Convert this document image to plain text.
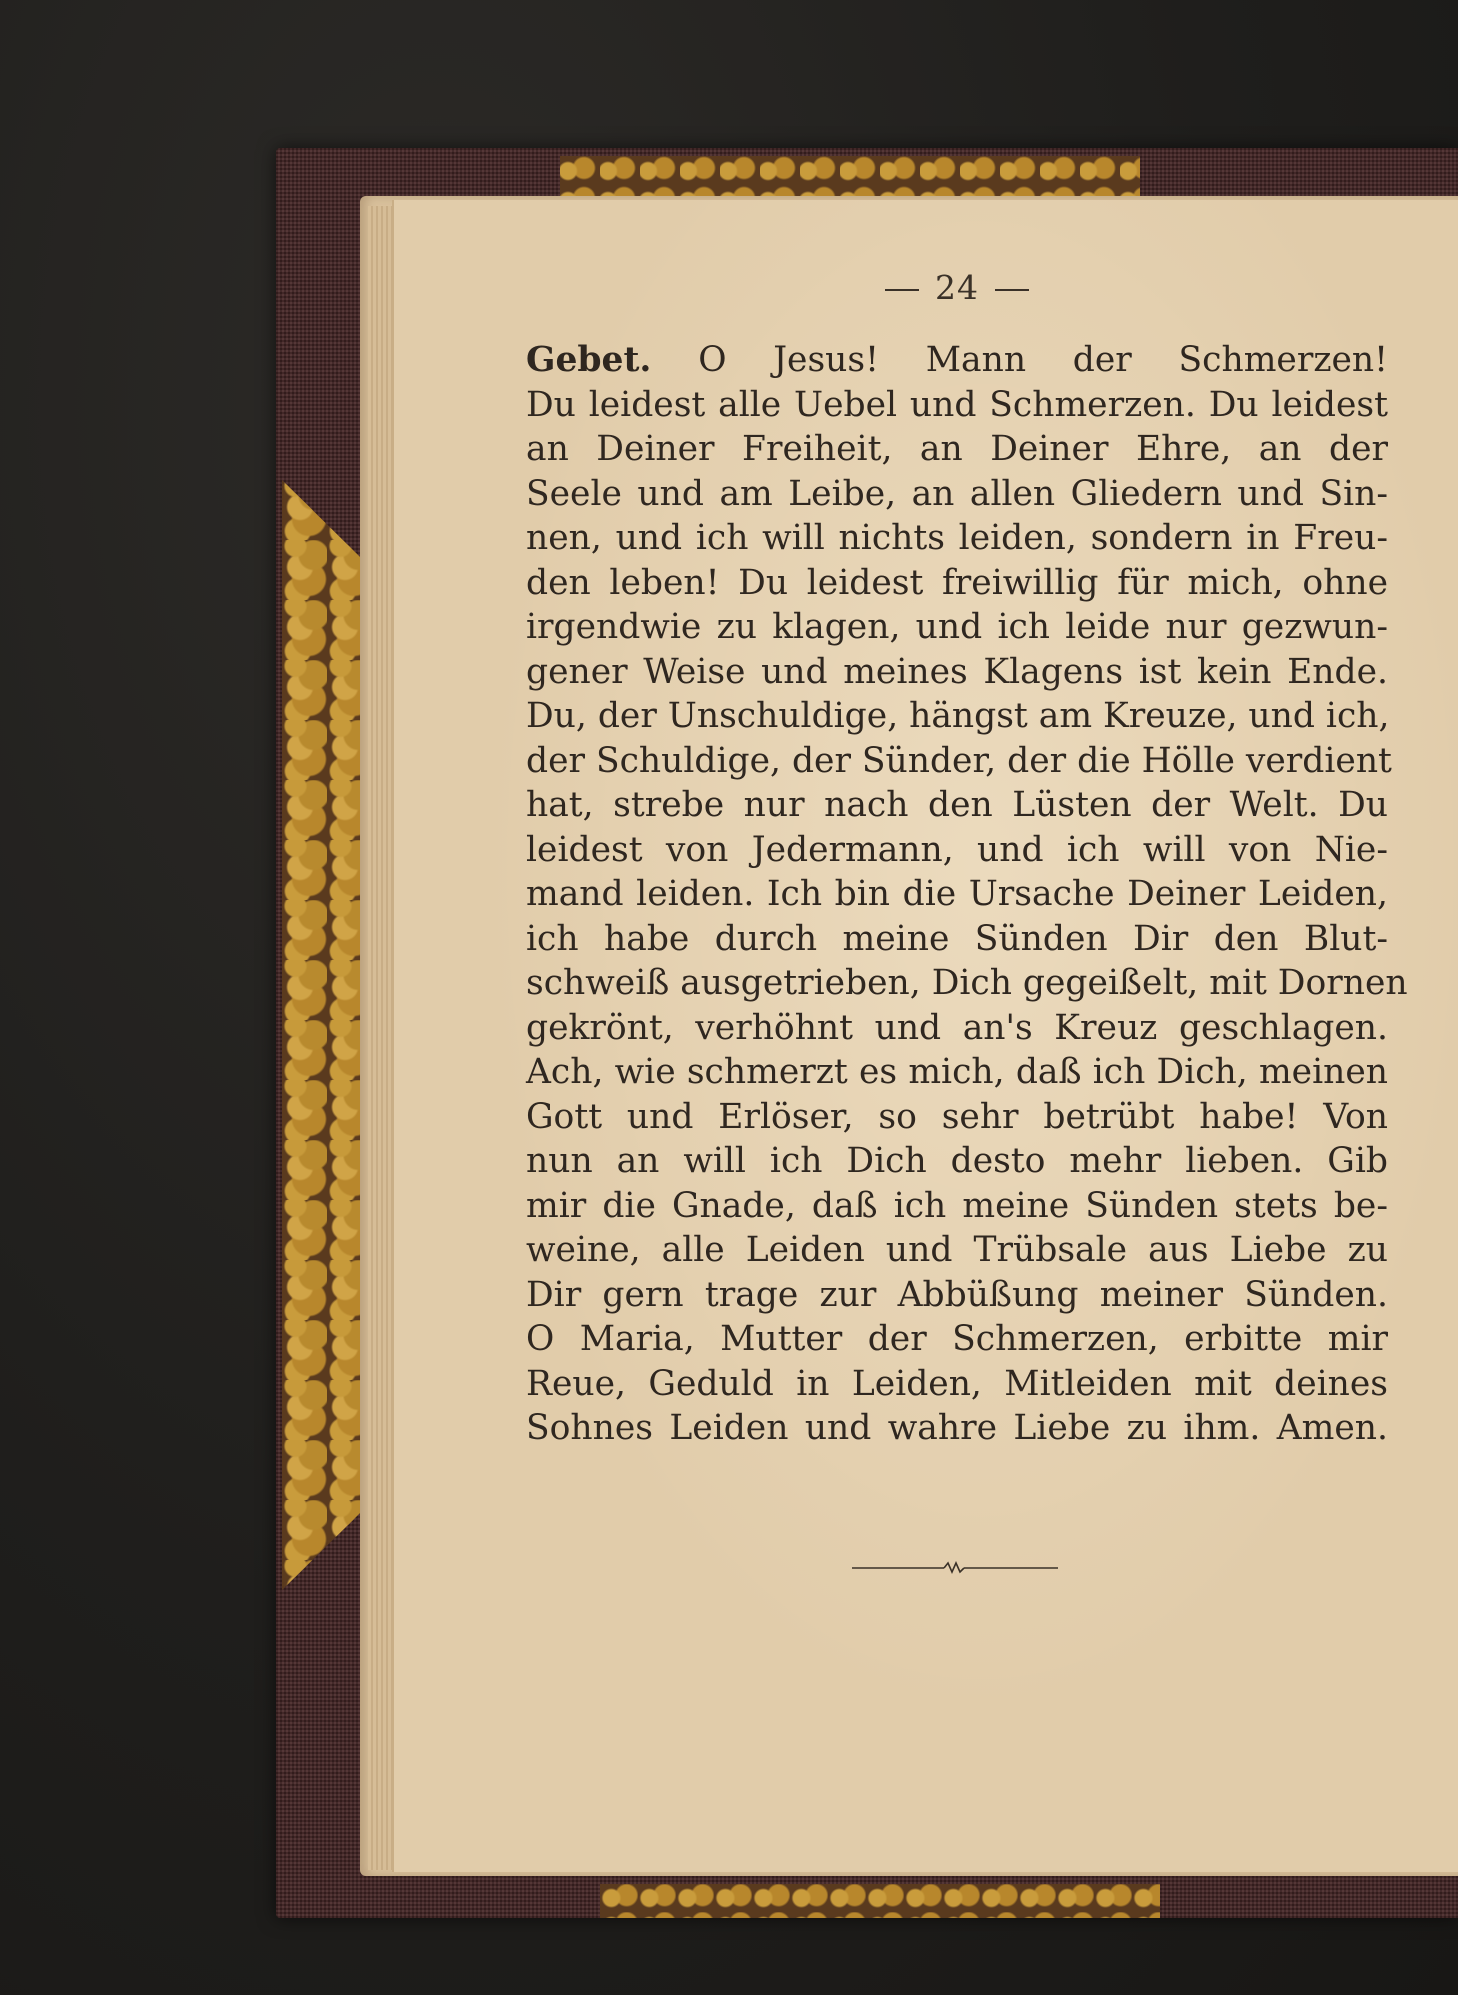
24
Gebet. O Jesus! Mann der Schmerzen!
Du leidest alle Uebel und Schmerzen. Du leidest
an Deiner Freiheit, an Deiner Ehre, an der
Seele und am Leibe, an allen Gliedern und Sin-
nen, und ich will nichts leiden, sondern in Freu-
den leben! Du leidest freiwillig für mich, ohne
irgendwie zu klagen, und ich leide nur gezwun-
gener Weise und meines Klagens ist kein Ende.
Du, der Unschuldige, hängst am Kreuze, und ich,
der Schuldige, der Sünder, der die Hölle verdient
hat, strebe nur nach den Lüsten der Welt. Du
leidest von Jedermann, und ich will von Nie-
mand leiden. Ich bin die Ursache Deiner Leiden,
ich habe durch meine Sünden Dir den Blut-
schweiß ausgetrieben, Dich gegeißelt, mit Dornen
gekrönt, verhöhnt und an's Kreuz geschlagen.
Ach, wie schmerzt es mich, daß ich Dich, meinen
Gott und Erlöser, so sehr betrübt habe! Von
nun an will ich Dich desto mehr lieben. Gib
mir die Gnade, daß ich meine Sünden stets be-
weine, alle Leiden und Trübsale aus Liebe zu
Dir gern trage zur Abbüßung meiner Sünden.
O Maria, Mutter der Schmerzen, erbitte mir
Reue, Geduld in Leiden, Mitleiden mit deines
Sohnes Leiden und wahre Liebe zu ihm. Amen.
